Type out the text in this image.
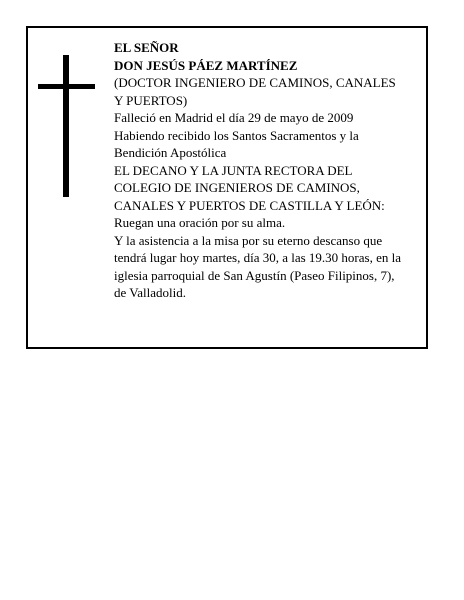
EL SEÑOR

DON JESÚS PÁEZ MARTÍNEZ

(DOCTOR INGENIERO DE CAMINOS, CANALES

Y PUERTOS)

Falleció en Madrid el día 29 de mayo de 2009

Habiendo recibido los Santos Sacramentos y la

Bendición Apostólica

EL DECANO Y LA JUNTA RECTORA DEL

COLEGIO DE INGENIEROS DE CAMINOS,

CANALES Y PUERTOS DE CASTILLA Y LEÓN:

Ruegan una oración por su alma.

Y la asistencia a la misa por su eterno descanso que

tendrá lugar hoy martes, día 30, a las 19.30 horas, en la

iglesia parroquial de San Agustín (Paseo Filipinos, 7),

de Valladolid.
